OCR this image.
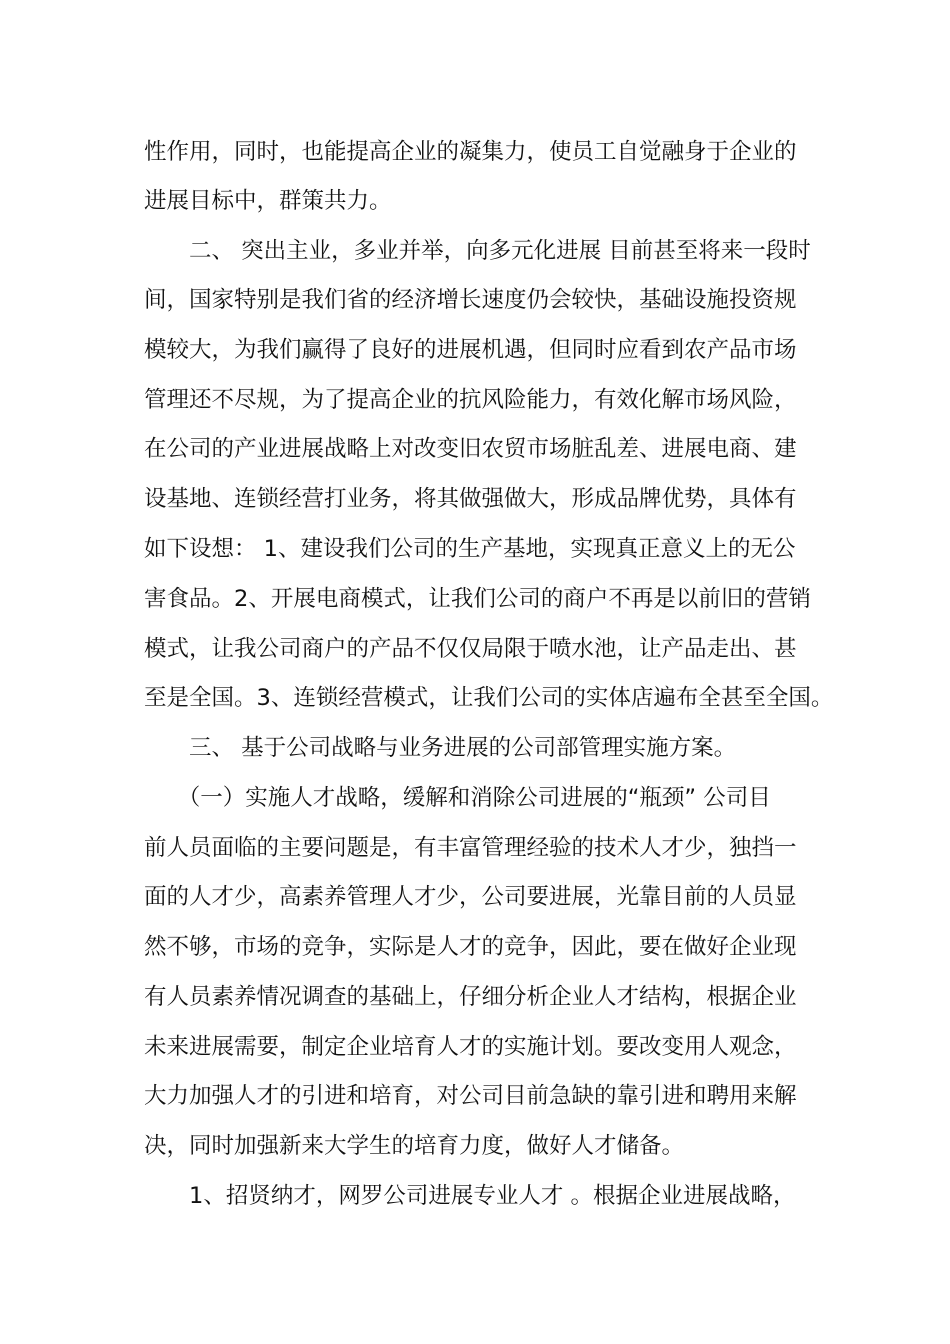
性作用，同时，也能提高企业的凝集力，使员工自觉融身于企业的
进展目标中，群策共力。
　　二、 突出主业，多业并举，向多元化进展 目前甚至将来一段时
间，国家特别是我们省的经济增长速度仍会较快，基础设施投资规
模较大，为我们赢得了良好的进展机遇，但同时应看到农产品市场
管理还不尽规，为了提高企业的抗风险能力，有效化解市场风险，
在公司的产业进展战略上对改变旧农贸市场脏乱差、进展电商、建
设基地、连锁经营打业务，将其做强做大，形成品牌优势，具体有
如下设想： 1、建设我们公司的生产基地，实现真正意义上的无公
害食品。2、开展电商模式，让我们公司的商户不再是以前旧的营销
模式，让我公司商户的产品不仅仅局限于喷水池，让产品走出、甚
至是全国。3、连锁经营模式，让我们公司的实体店遍布全甚至全国。
　　三、 基于公司战略与业务进展的公司部管理实施方案。
　　（一）实施人才战略，缓解和消除公司进展的“瓶颈” 公司目
前人员面临的主要问题是，有丰富管理经验的技术人才少，独挡一
面的人才少，高素养管理人才少，公司要进展，光靠目前的人员显
然不够，市场的竞争，实际是人才的竞争，因此，要在做好企业现
有人员素养情况调查的基础上，仔细分析企业人才结构，根据企业
未来进展需要，制定企业培育人才的实施计划。要改变用人观念，
大力加强人才的引进和培育，对公司目前急缺的靠引进和聘用来解
决，同时加强新来大学生的培育力度，做好人才储备。
　　1、招贤纳才，网罗公司进展专业人才 。根据企业进展战略，
